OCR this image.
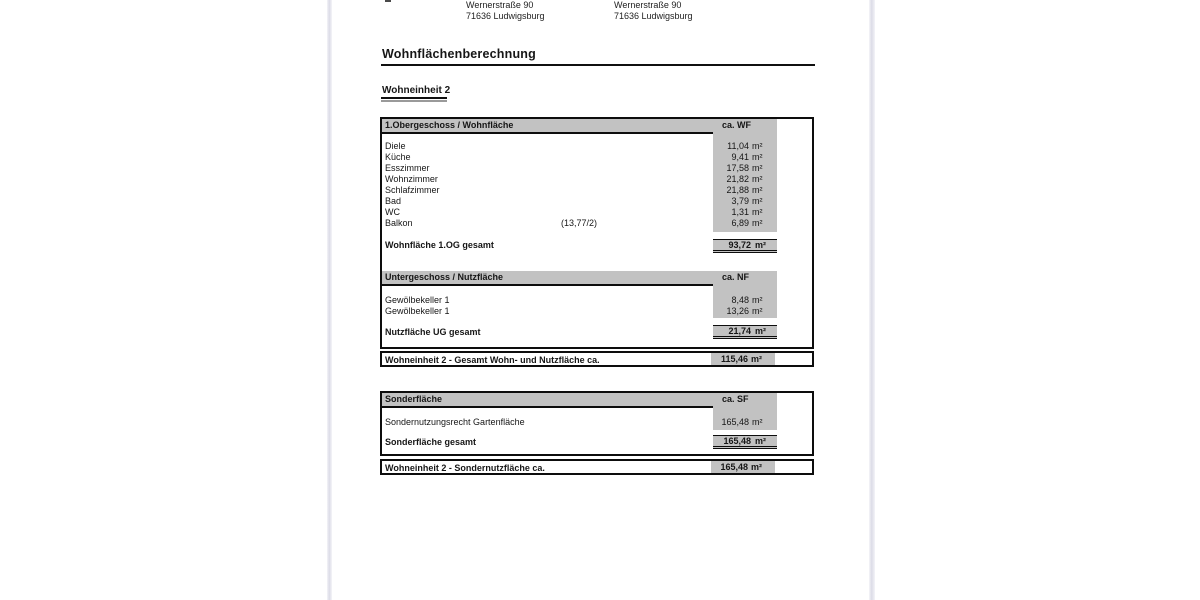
Wernerstraße 90
71636 Ludwigsburg
Wernerstraße 90
71636 Ludwigsburg
Wohnflächenberechnung
Wohneinheit 2
1.Obergeschoss / Wohnfläche	ca. WF
Diele	11,04 m²
Küche	9,41 m²
Esszimmer	17,58 m²
Wohnzimmer	21,82 m²
Schlafzimmer	21,88 m²
Bad	3,79 m²
WC	1,31 m²
Balkon	(13,77/2)	6,89 m²
Wohnfläche 1.OG gesamt	93,72 m²
Untergeschoss / Nutzfläche	ca. NF
Gewölbekeller 1	8,48 m²
Gewölbekeller 1	13,26 m²
Nutzfläche UG gesamt	21,74 m²
Wohneinheit 2 - Gesamt Wohn- und Nutzfläche ca.	115,46 m²
Sonderfläche	ca. SF
Sondernutzungsrecht Gartenfläche	165,48 m²
Sonderfläche gesamt	165,48 m²
Wohneinheit 2 - Sondernutzfläche ca.	165,48 m²
